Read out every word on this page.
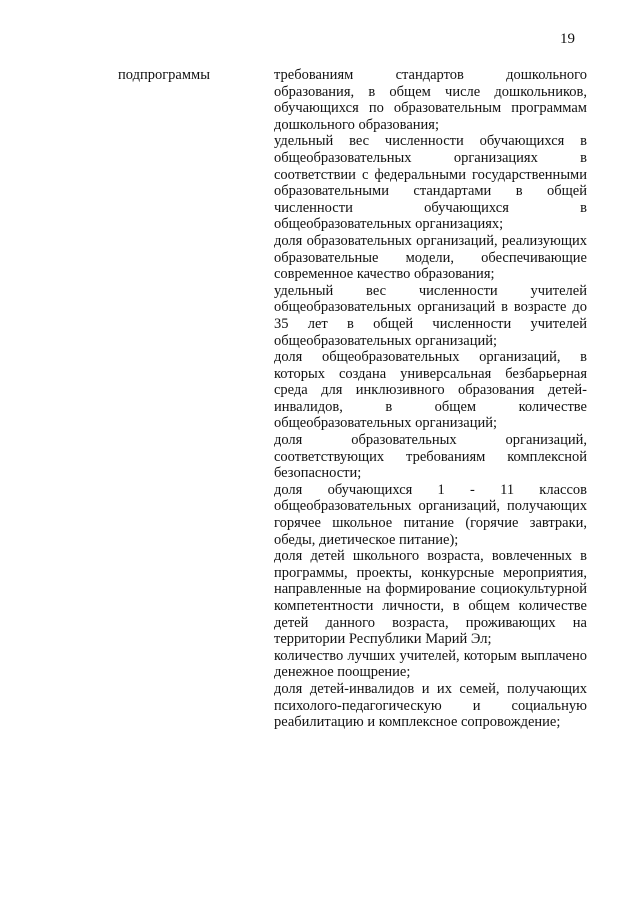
19
подпрограммы	требованиям стандартов дошкольного образования, в общем числе дошкольников, обучающихся по образовательным программам дошкольного образования;

удельный вес численности обучающихся в общеобразовательных организациях в соответствии с федеральными государственными образовательными стандартами в общей численности обучающихся в общеобразовательных организациях;

доля образовательных организаций, реализующих образовательные модели, обеспечивающие современное качество образования;

удельный вес численности учителей общеобразовательных организаций в возрасте до 35 лет в общей численности учителей общеобразовательных организаций;

доля общеобразовательных организаций, в которых создана универсальная безбарьерная среда для инклюзивного образования детей-инвалидов, в общем количестве общеобразовательных организаций;

доля образовательных организаций, соответствующих требованиям комплексной безопасности;

доля обучающихся 1 - 11 классов общеобразовательных организаций, получающих горячее школьное питание (горячие завтраки, обеды, диетическое питание);

доля детей школьного возраста, вовлеченных в программы, проекты, конкурсные мероприятия, направленные на формирование социокультурной компетентности личности, в общем количестве детей данного возраста, проживающих на территории Республики Марий Эл;

количество лучших учителей, которым выплачено денежное поощрение;

доля детей-инвалидов и их семей, получающих психолого-педагогическую и социальную реабилитацию и комплексное сопровождение;
